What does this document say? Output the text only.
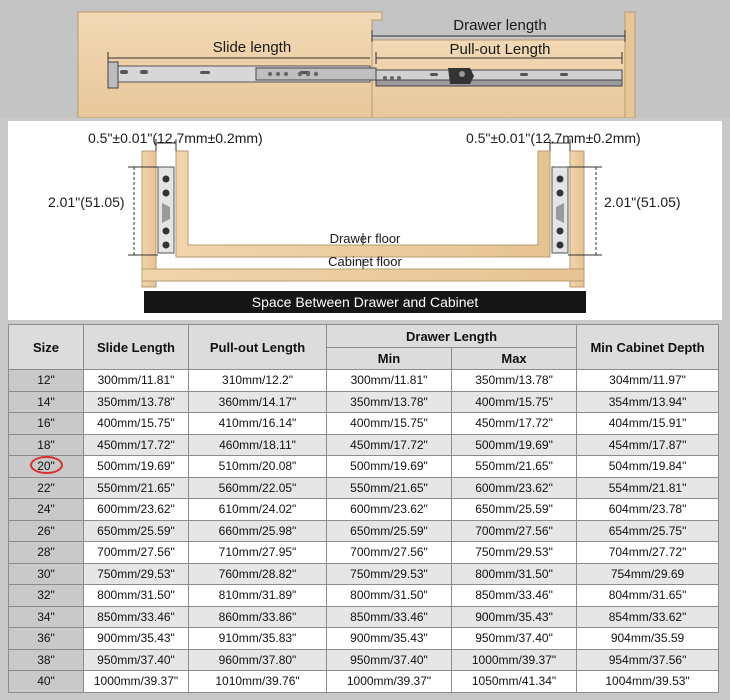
Slide length
Drawer length
Pull-out Length
0.5"±0.01"(12.7mm±0.2mm)	0.5"±0.01"(12.7mm±0.2mm)
2.01"(51.05)	2.01"(51.05)
Drawer floor
Cabinet floor
Space Between Drawer and Cabinet
Size	Slide Length	Pull-out Length	Drawer Length		Min Cabinet Depth
			Min	Max	
12"	300mm/11.81"	310mm/12.2"	300mm/11.81"	350mm/13.78"	304mm/11.97"
14"	350mm/13.78"	360mm/14.17"	350mm/13.78"	400mm/15.75"	354mm/13.94"
16"	400mm/15.75"	410mm/16.14"	400mm/15.75"	450mm/17.72"	404mm/15.91"
18"	450mm/17.72"	460mm/18.11"	450mm/17.72"	500mm/19.69"	454mm/17.87"
20"	500mm/19.69"	510mm/20.08"	500mm/19.69"	550mm/21.65"	504mm/19.84"
22"	550mm/21.65"	560mm/22.05"	550mm/21.65"	600mm/23.62"	554mm/21.81"
24"	600mm/23.62"	610mm/24.02"	600mm/23.62"	650mm/25.59"	604mm/23.78"
26"	650mm/25.59"	660mm/25.98"	650mm/25.59"	700mm/27.56"	654mm/25.75"
28"	700mm/27.56"	710mm/27.95"	700mm/27.56"	750mm/29.53"	704mm/27.72"
30"	750mm/29.53"	760mm/28.82"	750mm/29.53"	800mm/31.50"	754mm/29.69
32"	800mm/31.50"	810mm/31.89"	800mm/31.50"	850mm/33.46"	804mm/31.65"
34"	850mm/33.46"	860mm/33.86"	850mm/33.46"	900mm/35.43"	854mm/33.62"
36"	900mm/35.43"	910mm/35.83"	900mm/35.43"	950mm/37.40"	904mm/35.59
38"	950mm/37.40"	960mm/37.80"	950mm/37.40"	1000mm/39.37"	954mm/37.56"
40"	1000mm/39.37"	1010mm/39.76"	1000mm/39.37"	1050mm/41.34"	1004mm/39.53"
